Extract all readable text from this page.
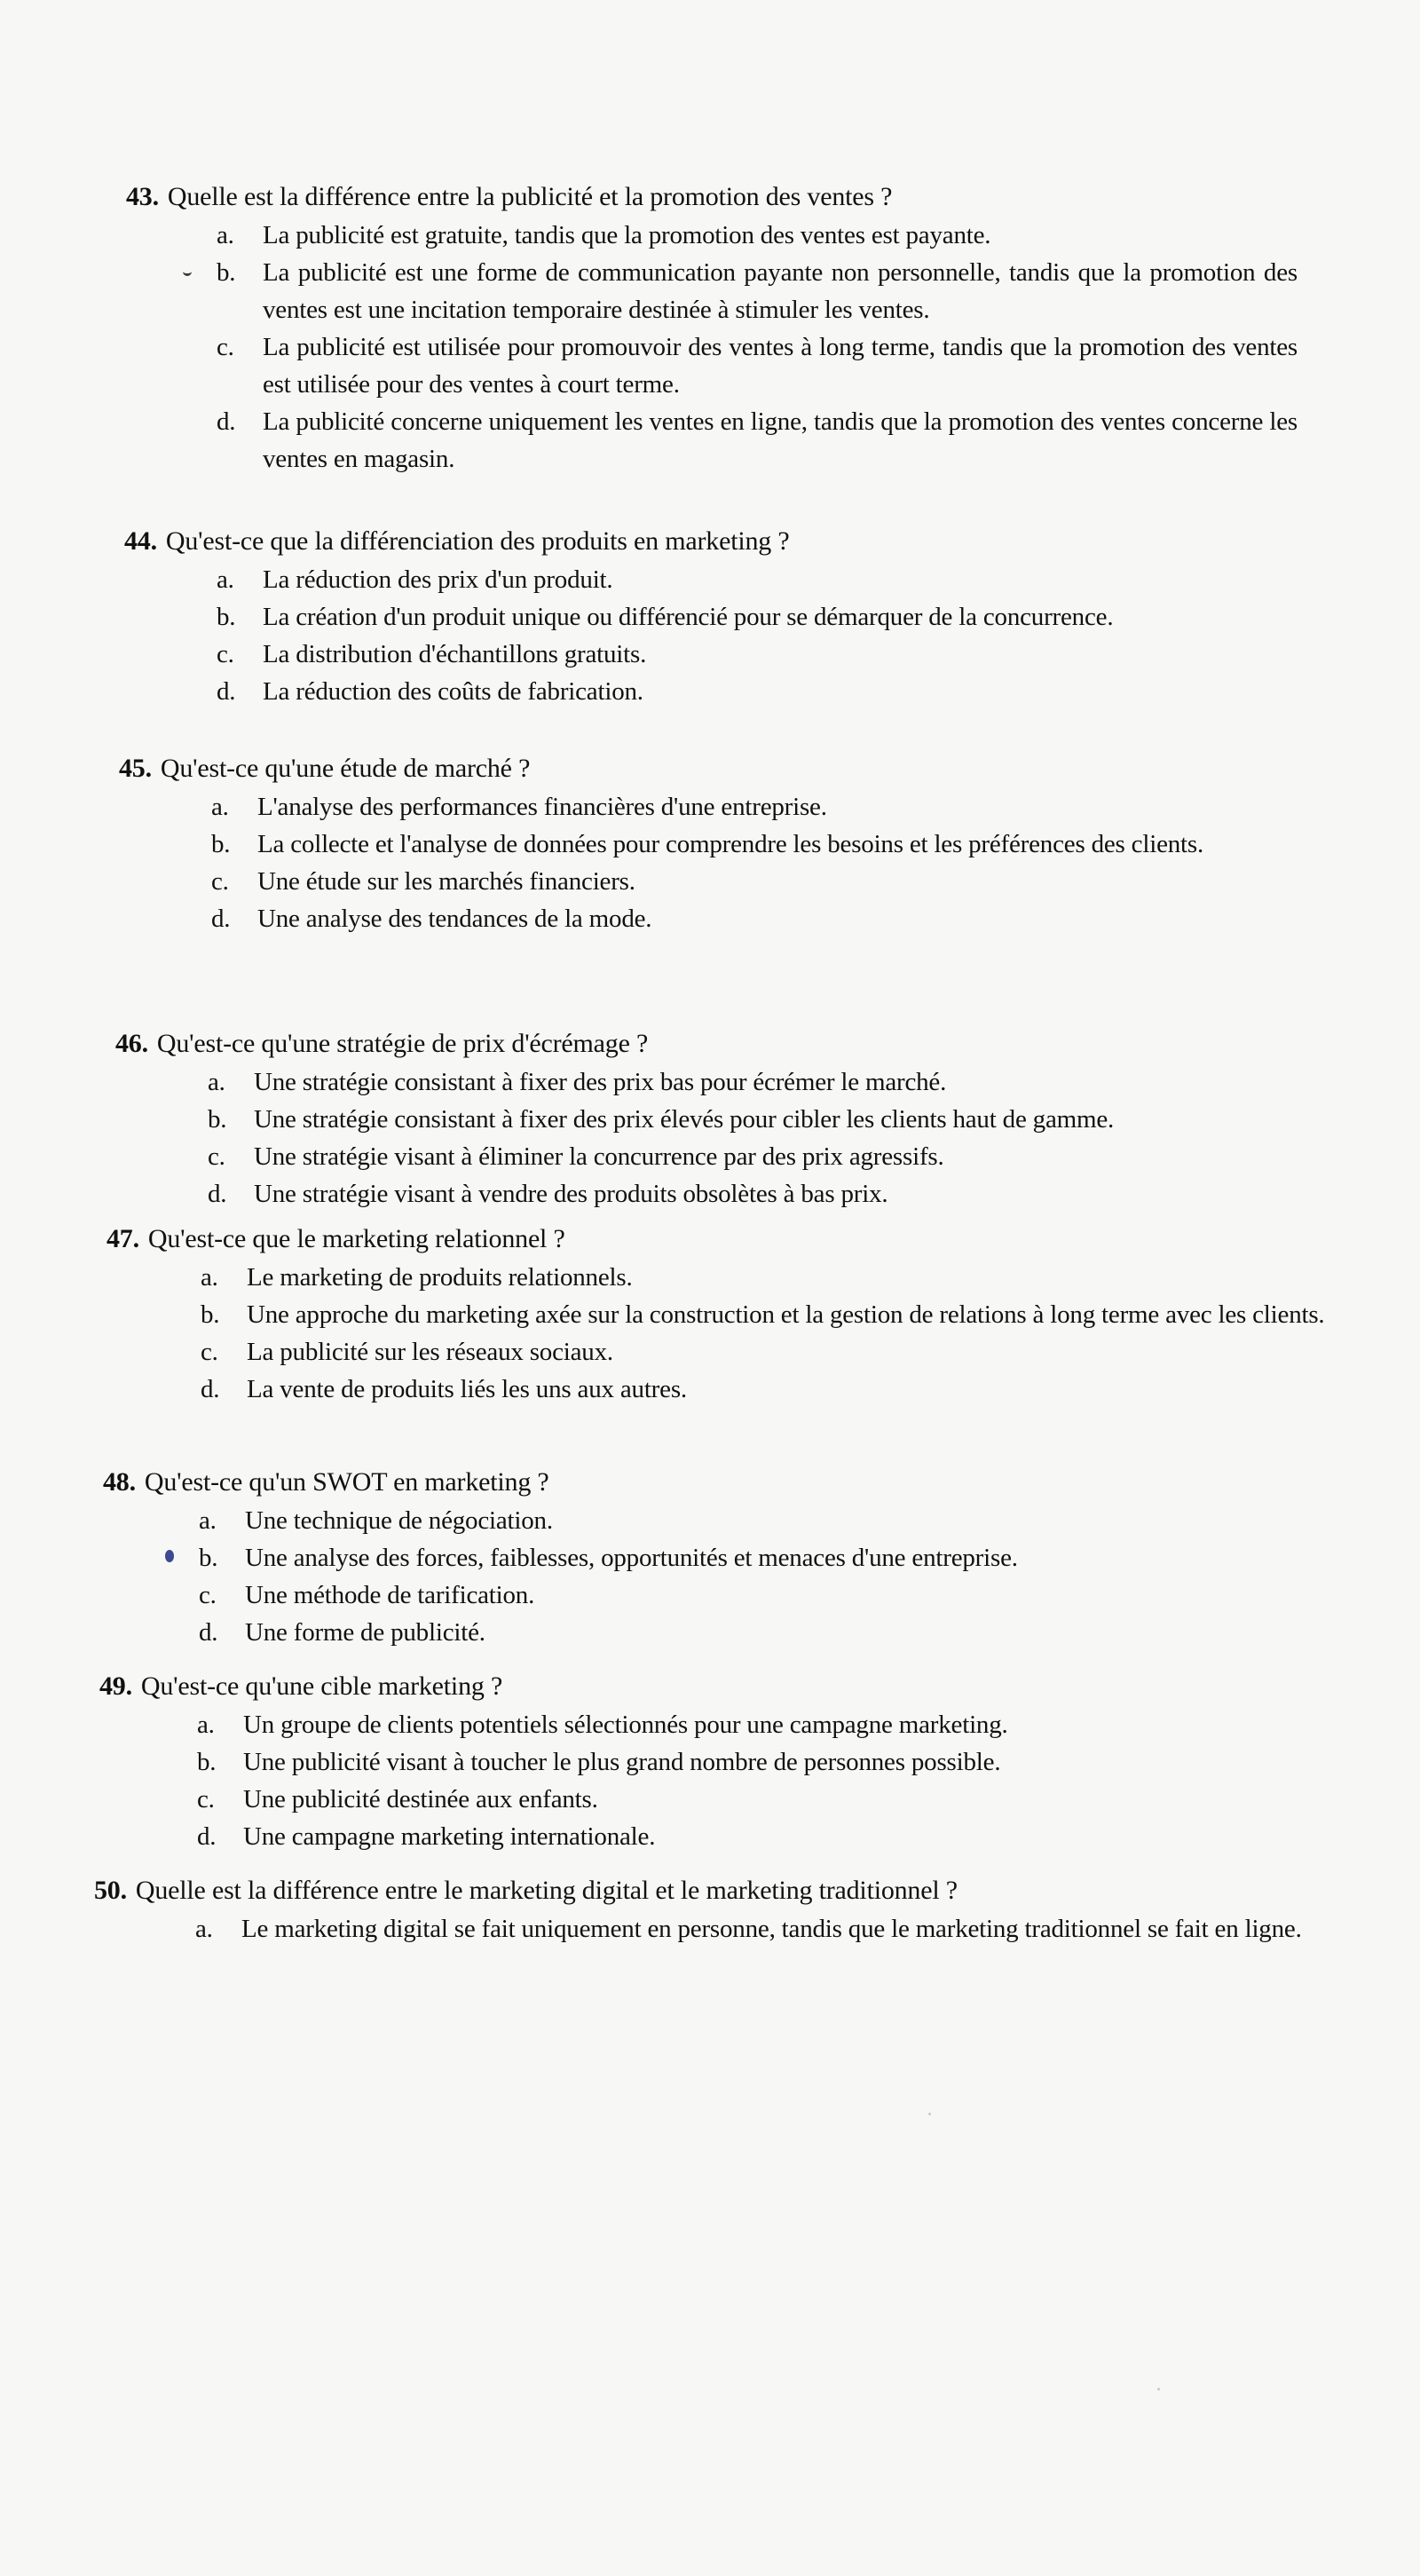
43. Quelle est la différence entre la publicité et la promotion des ventes ?
a.	La publicité est gratuite, tandis que la promotion des ventes est payante.
b.	La publicité est une forme de communication payante non personnelle, tandis que la promotion des ventes est une incitation temporaire destinée à stimuler les ventes.
c.	La publicité est utilisée pour promouvoir des ventes à long terme, tandis que la promotion des ventes est utilisée pour des ventes à court terme.
d.	La publicité concerne uniquement les ventes en ligne, tandis que la promotion des ventes concerne les ventes en magasin.
44. Qu'est-ce que la différenciation des produits en marketing ?
a.	La réduction des prix d'un produit.
b.	La création d'un produit unique ou différencié pour se démarquer de la concurrence.
c.	La distribution d'échantillons gratuits.
d.	La réduction des coûts de fabrication.
45. Qu'est-ce qu'une étude de marché ?
a.	L'analyse des performances financières d'une entreprise.
b.	La collecte et l'analyse de données pour comprendre les besoins et les préférences des clients.
c.	Une étude sur les marchés financiers.
d.	Une analyse des tendances de la mode.
46. Qu'est-ce qu'une stratégie de prix d'écrémage ?
a.	Une stratégie consistant à fixer des prix bas pour écrémer le marché.
b.	Une stratégie consistant à fixer des prix élevés pour cibler les clients haut de gamme.
c.	Une stratégie visant à éliminer la concurrence par des prix agressifs.
d.	Une stratégie visant à vendre des produits obsolètes à bas prix.
47. Qu'est-ce que le marketing relationnel ?
a.	Le marketing de produits relationnels.
b.	Une approche du marketing axée sur la construction et la gestion de relations à long terme avec les clients.
c.	La publicité sur les réseaux sociaux.
d.	La vente de produits liés les uns aux autres.
48. Qu'est-ce qu'un SWOT en marketing ?
a.	Une technique de négociation.
b.	Une analyse des forces, faiblesses, opportunités et menaces d'une entreprise.
c.	Une méthode de tarification.
d.	Une forme de publicité.
49. Qu'est-ce qu'une cible marketing ?
a.	Un groupe de clients potentiels sélectionnés pour une campagne marketing.
b.	Une publicité visant à toucher le plus grand nombre de personnes possible.
c.	Une publicité destinée aux enfants.
d.	Une campagne marketing internationale.
50. Quelle est la différence entre le marketing digital et le marketing traditionnel ?
a.	Le marketing digital se fait uniquement en personne, tandis que le marketing traditionnel se fait en ligne.
